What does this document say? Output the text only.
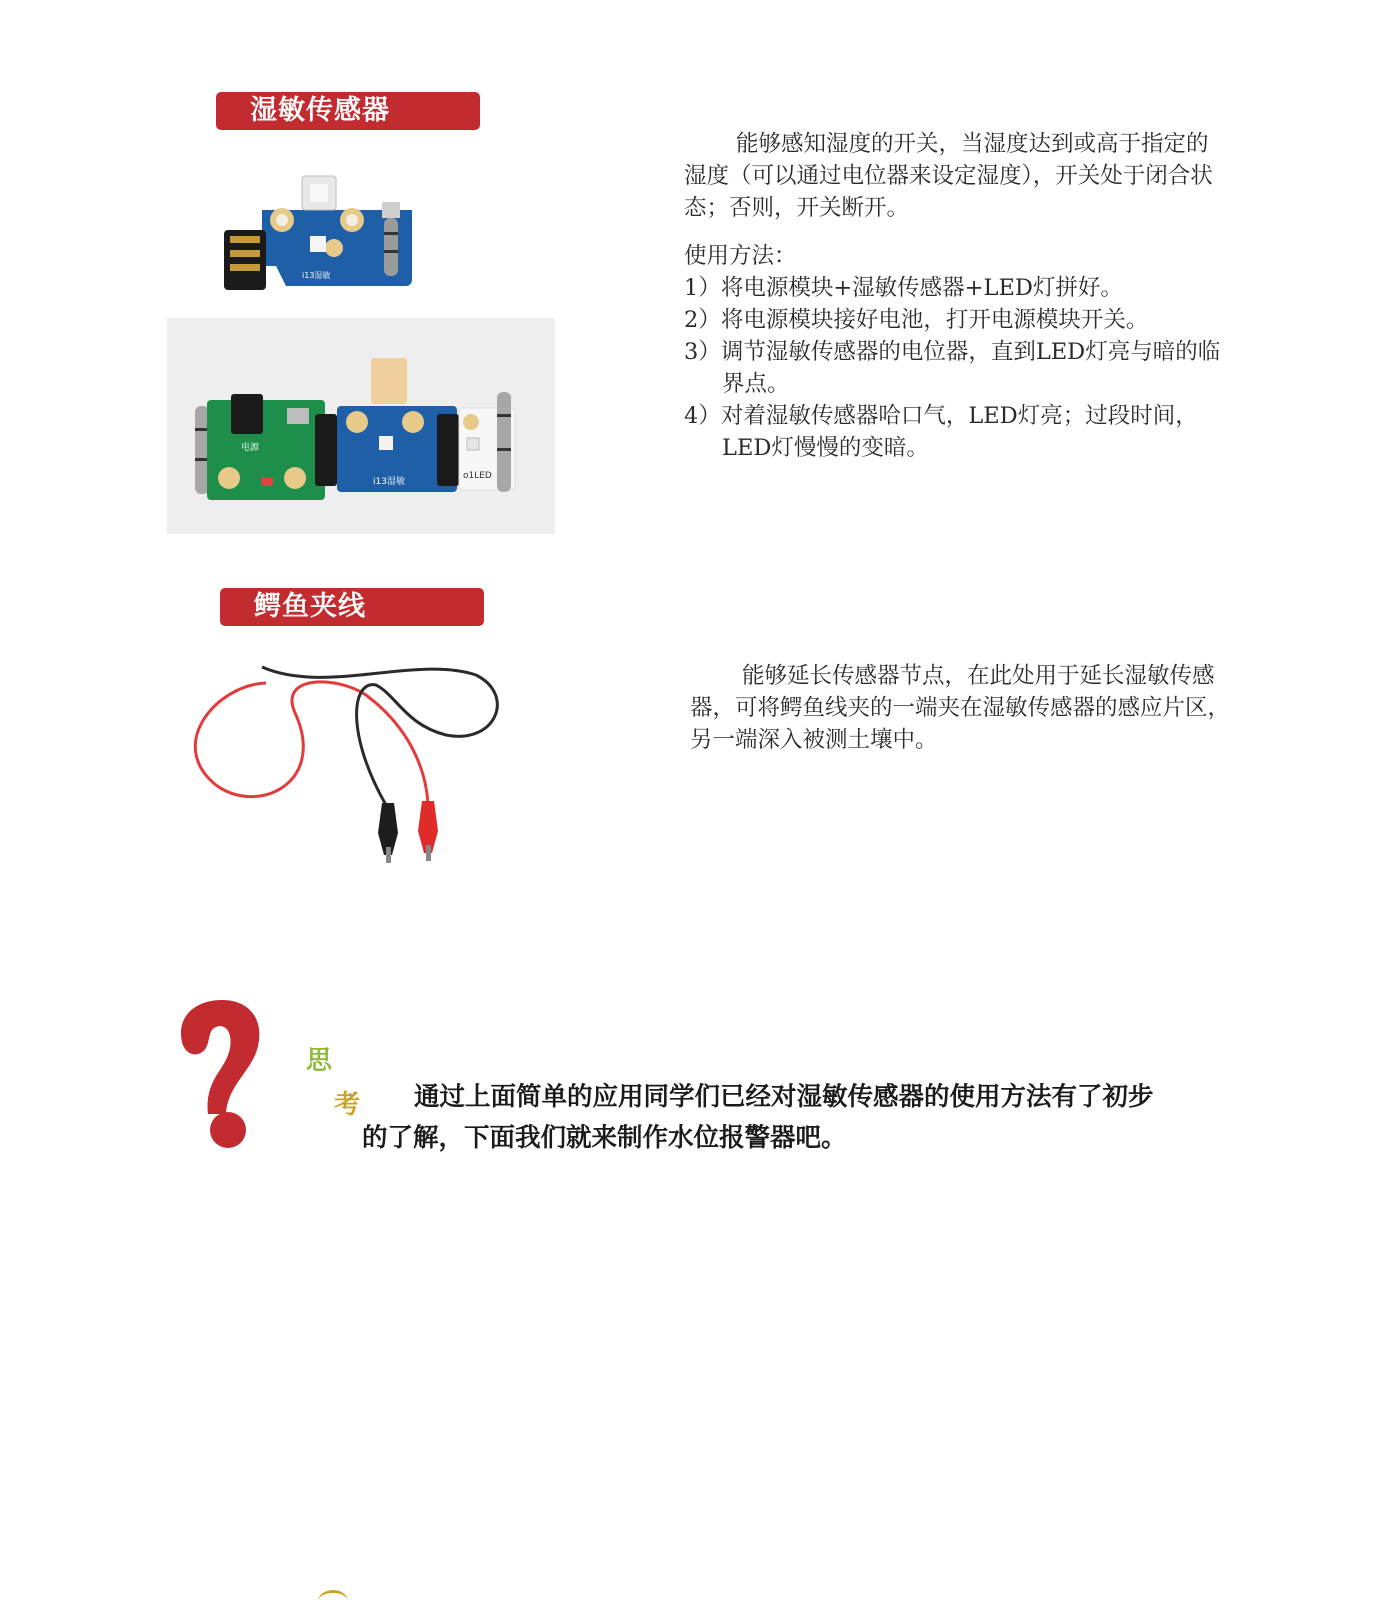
湿敏传感器
i13湿敏
电源
i13湿敏
o1LED

能够感知湿度的开关，当湿度达到或高于指定的湿度（可以通过电位器来设定湿度），开关处于闭合状态；否则，开关断开。

使用方法：

1）将电源模块+湿敏传感器+LED灯拼好。
2）将电源模块接好电池，打开电源模块开关。
3）调节湿敏传感器的电位器，直到LED灯亮与暗的临界点。
4）对着湿敏传感器哈口气，LED灯亮；过段时间，LED灯慢慢的变暗。
鳄鱼夹线

能够延长传感器节点，在此处用于延长湿敏传感器，可将鳄鱼线夹的一端夹在湿敏传感器的感应片区，另一端深入被测土壤中。

思
考 通过上面简单的应用同学们已经对湿敏传感器的使用方法有了初步
的了解，下面我们就来制作水位报警器吧。
